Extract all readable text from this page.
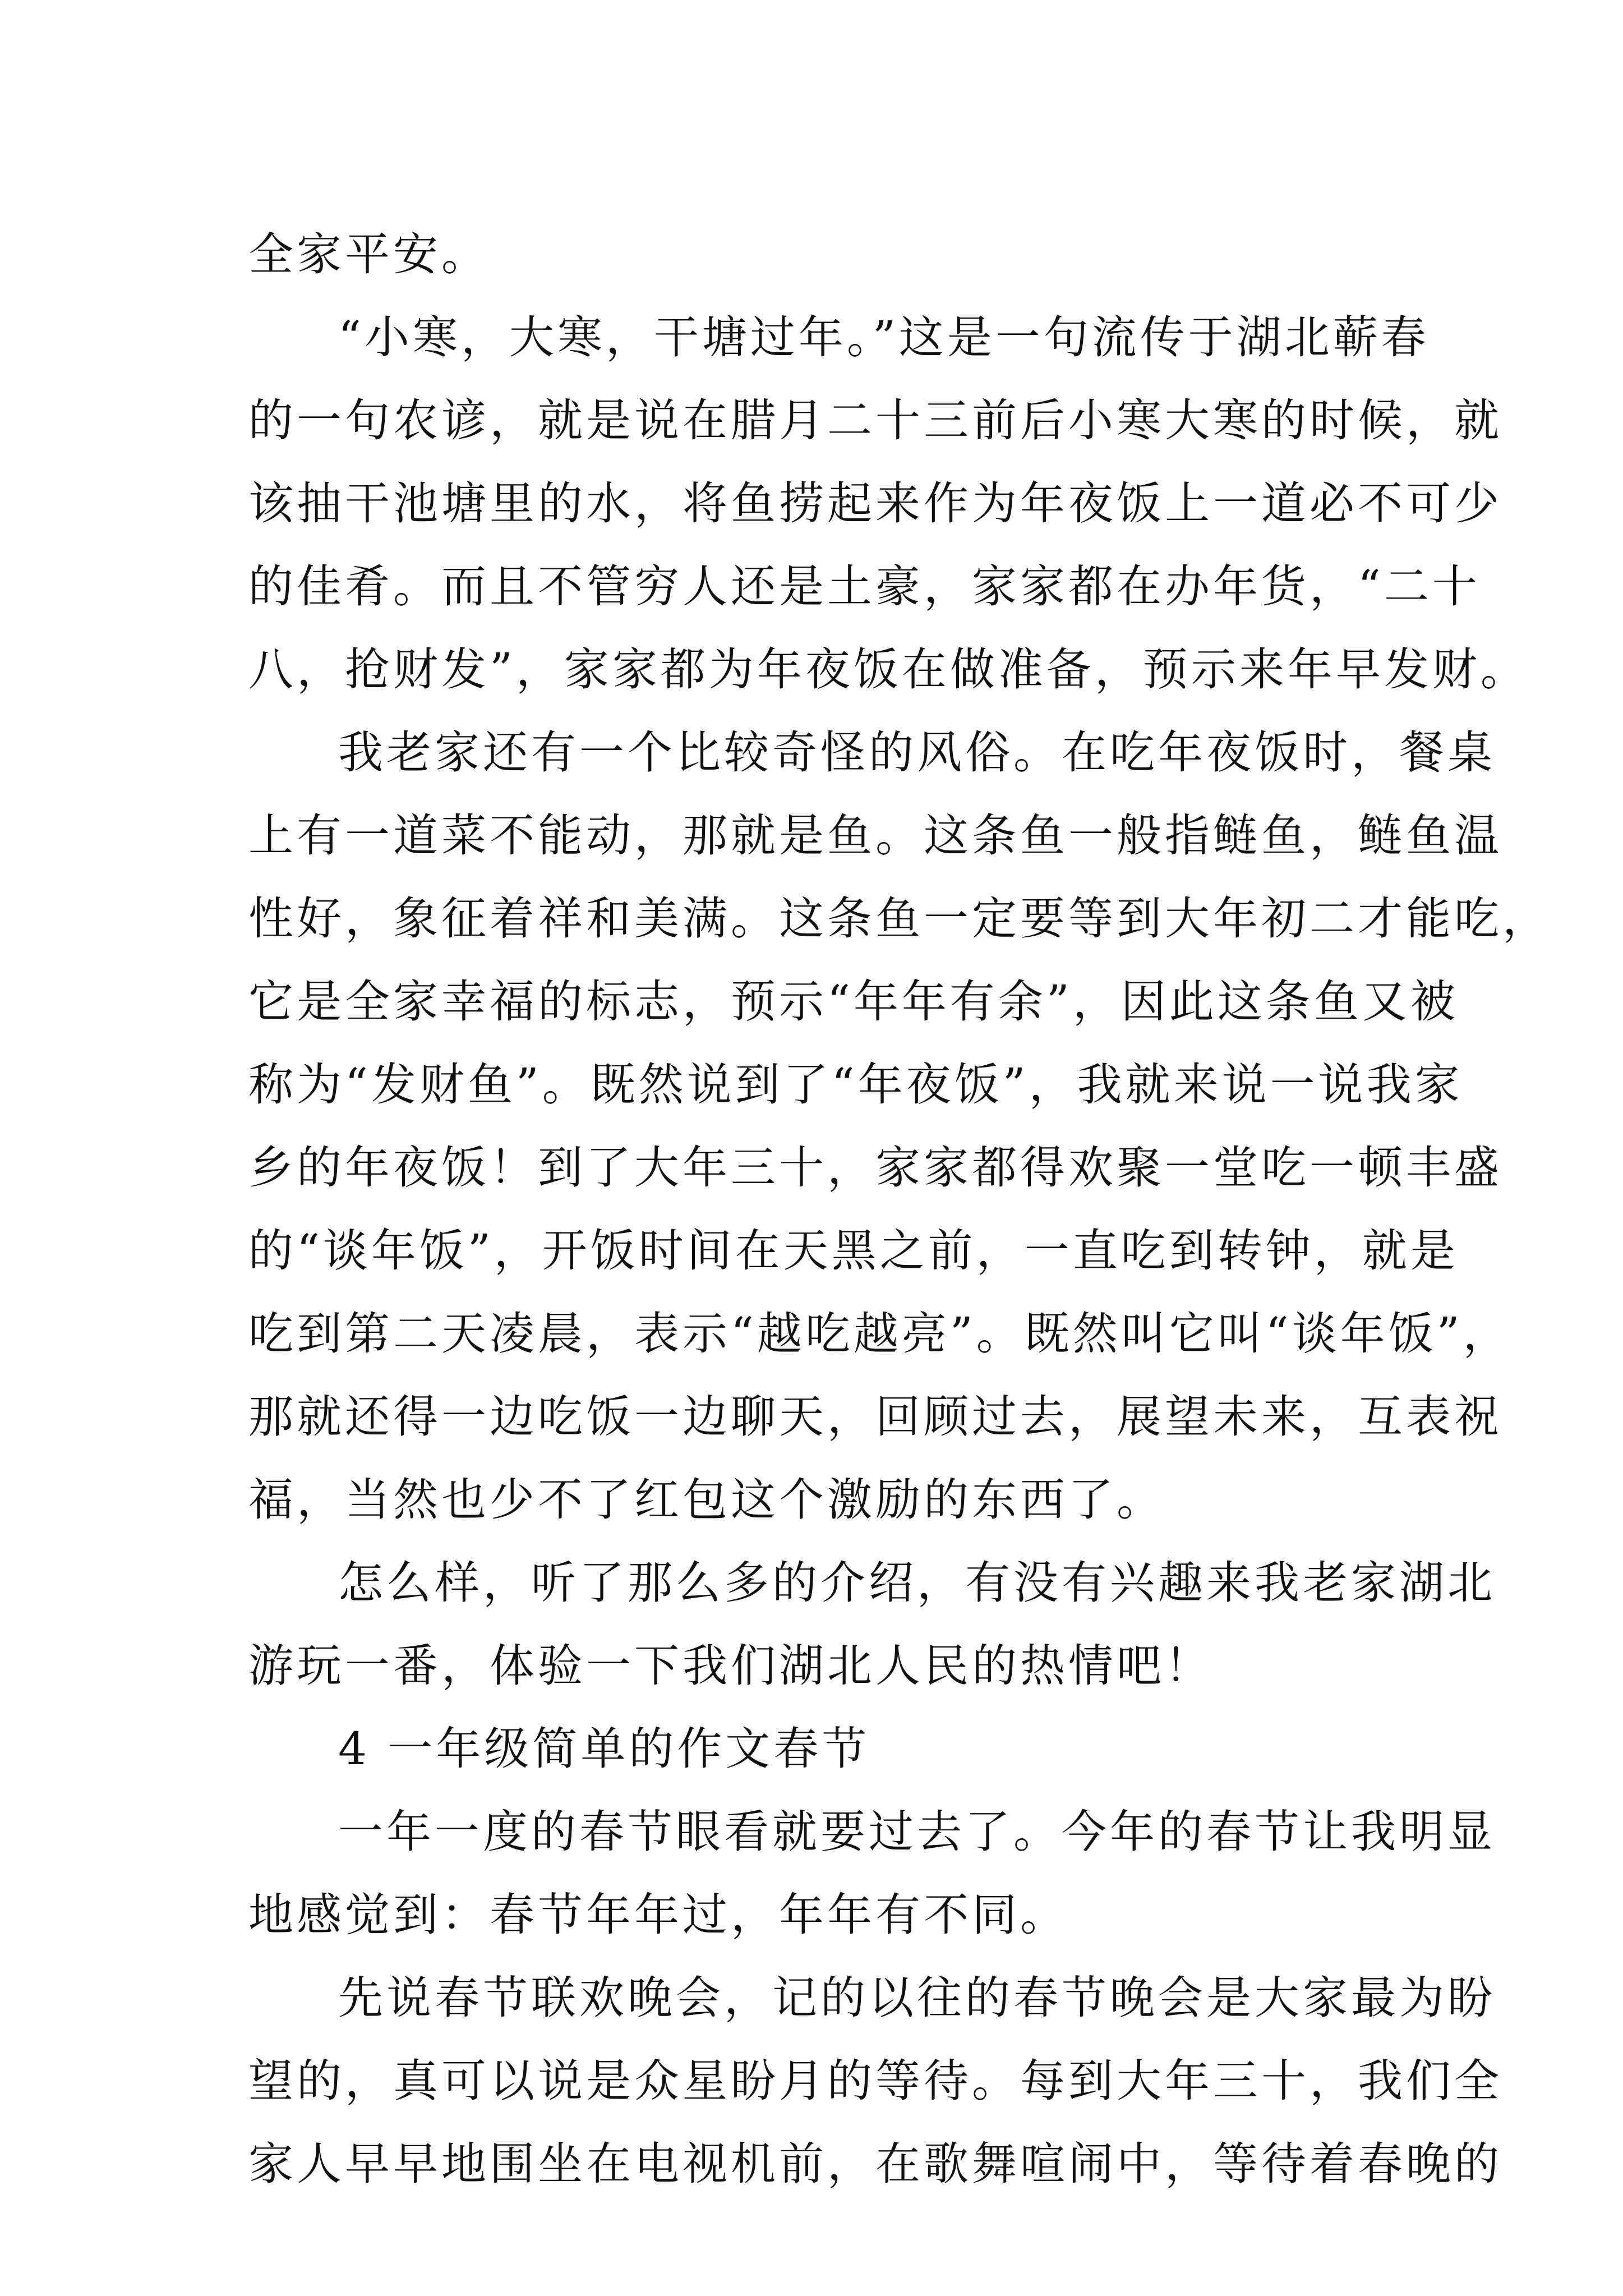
全家平安。
“小寒，大寒，干塘过年。”这是一句流传于湖北蕲春
的一句农谚，就是说在腊月二十三前后小寒大寒的时候，就
该抽干池塘里的水，将鱼捞起来作为年夜饭上一道必不可少
的佳肴。而且不管穷人还是土豪，家家都在办年货，“二十
八，抢财发”，家家都为年夜饭在做准备，预示来年早发财。
我老家还有一个比较奇怪的风俗。在吃年夜饭时，餐桌
上有一道菜不能动，那就是鱼。这条鱼一般指鲢鱼，鲢鱼温
性好，象征着祥和美满。这条鱼一定要等到大年初二才能吃，
它是全家幸福的标志，预示“年年有余”，因此这条鱼又被
称为“发财鱼”。既然说到了“年夜饭”，我就来说一说我家
乡的年夜饭！到了大年三十，家家都得欢聚一堂吃一顿丰盛
的“谈年饭”，开饭时间在天黑之前，一直吃到转钟，就是
吃到第二天凌晨，表示“越吃越亮”。既然叫它叫“谈年饭”，
那就还得一边吃饭一边聊天，回顾过去，展望未来，互表祝
福，当然也少不了红包这个激励的东西了。
怎么样，听了那么多的介绍，有没有兴趣来我老家湖北
游玩一番，体验一下我们湖北人民的热情吧！
4 一年级简单的作文春节
一年一度的春节眼看就要过去了。今年的春节让我明显
地感觉到：春节年年过，年年有不同。
先说春节联欢晚会，记的以往的春节晚会是大家最为盼
望的，真可以说是众星盼月的等待。每到大年三十，我们全
家人早早地围坐在电视机前，在歌舞喧闹中，等待着春晚的
